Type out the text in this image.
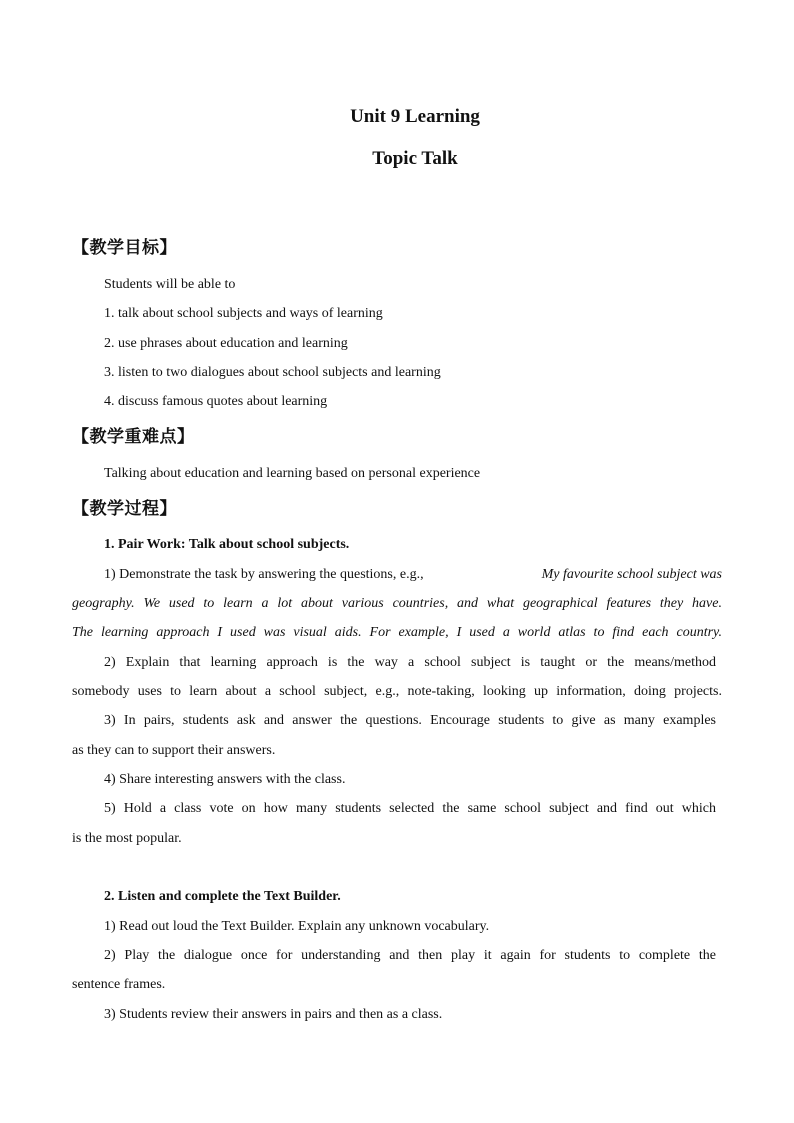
Unit 9 Learning
Topic Talk
【教学目标】
Students will be able to
1. talk about school subjects and ways of learning
2. use phrases about education and learning
3. listen to two dialogues about school subjects and learning
4. discuss famous quotes about learning
【教学重难点】
Talking about education and learning based on personal experience
【教学过程】
1. Pair Work: Talk about school subjects.
1) Demonstrate the task by answering the questions, e.g.,	My favourite school subject was
geography. We used to learn a lot about various countries, and what geographical features they have.
The learning approach I used was visual aids. For example, I used a world atlas to find each country.
2) Explain that learning approach is the way a school subject is taught or the means/method
somebody uses to learn about a school subject, e.g., note-taking, looking up information, doing projects.
3) In pairs, students ask and answer the questions. Encourage students to give as many examples
as they can to support their answers.
4) Share interesting answers with the class.
5) Hold a class vote on how many students selected the same school subject and find out which
is the most popular.
2. Listen and complete the Text Builder.
1) Read out loud the Text Builder. Explain any unknown vocabulary.
2) Play the dialogue once for understanding and then play it again for students to complete the
sentence frames.
3) Students review their answers in pairs and then as a class.
